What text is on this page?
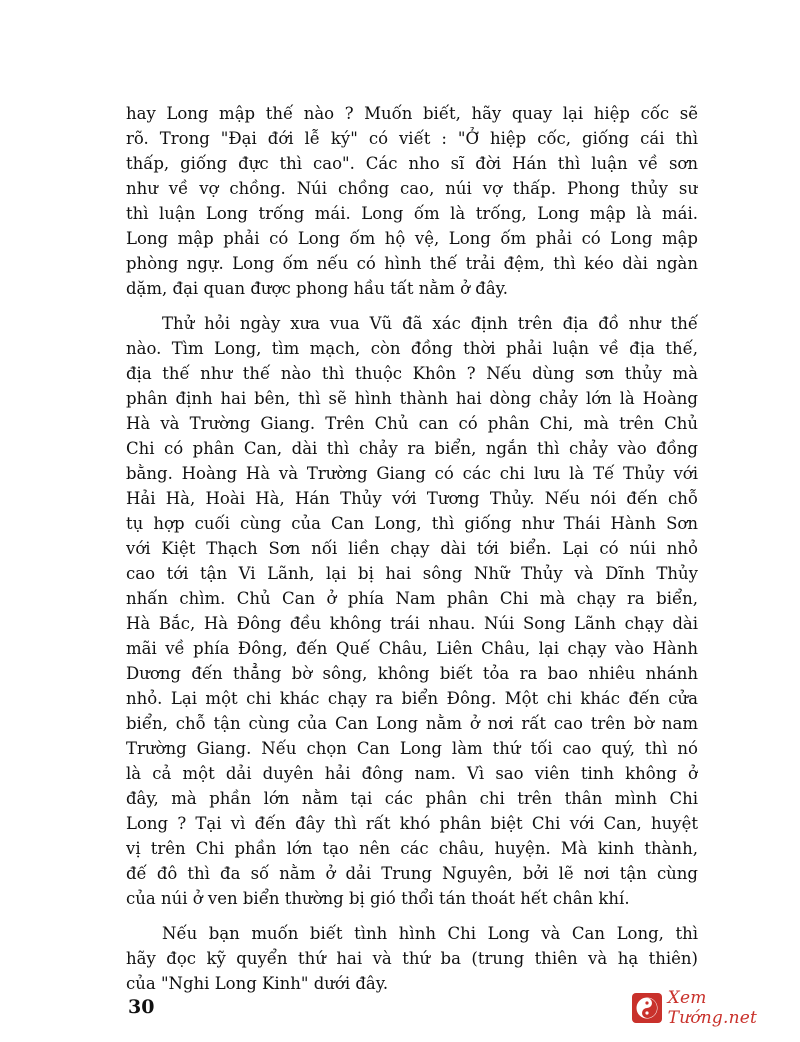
hay Long mập thế nào ? Muốn biết, hãy quay lại hiệp cốc sẽ
rõ. Trong "Đại đới lễ ký" có viết : "Ở hiệp cốc, giống cái thì
thấp, giống đực thì cao". Các nho sĩ đời Hán thì luận về sơn
như về vợ chồng. Núi chồng cao, núi vợ thấp. Phong thủy sư
thì luận Long trống mái. Long ốm là trống, Long mập là mái.
Long mập phải có Long ốm hộ vệ, Long ốm phải có Long mập
phòng ngự. Long ốm nếu có hình thế trải đệm, thì kéo dài ngàn
dặm, đại quan được phong hầu tất nằm ở đây.
Thử hỏi ngày xưa vua Vũ đã xác định trên địa đồ như thế
nào. Tìm Long, tìm mạch, còn đồng thời phải luận về địa thế,
địa thế như thế nào thì thuộc Khôn ? Nếu dùng sơn thủy mà
phân định hai bên, thì sẽ hình thành hai dòng chảy lớn là Hoàng
Hà và Trường Giang. Trên Chủ can có phân Chi, mà trên Chủ
Chi có phân Can, dài thì chảy ra biển, ngắn thì chảy vào đồng
bằng. Hoàng Hà và Trường Giang có các chi lưu là Tế Thủy với
Hải Hà, Hoài Hà, Hán Thủy với Tương Thủy. Nếu nói đến chỗ
tụ hợp cuối cùng của Can Long, thì giống như Thái Hành Sơn
với Kiệt Thạch Sơn nối liền chạy dài tới biển. Lại có núi nhỏ
cao tới tận Vi Lãnh, lại bị hai sông Nhữ Thủy và Dĩnh Thủy
nhấn chìm. Chủ Can ở phía Nam phân Chi mà chạy ra biển,
Hà Bắc, Hà Đông đều không trái nhau. Núi Song Lãnh chạy dài
mãi về phía Đông, đến Quế Châu, Liên Châu, lại chạy vào Hành
Dương đến thẳng bờ sông, không biết tỏa ra bao nhiêu nhánh
nhỏ. Lại một chi khác chạy ra biển Đông. Một chi khác đến cửa
biển, chỗ tận cùng của Can Long nằm ở nơi rất cao trên bờ nam
Trường Giang. Nếu chọn Can Long làm thứ tối cao quý, thì nó
là cả một dải duyên hải đông nam. Vì sao viên tinh không ở
đây, mà phần lớn nằm tại các phân chi trên thân mình Chi
Long ? Tại vì đến đây thì rất khó phân biệt Chi với Can, huyệt
vị trên Chi phần lớn tạo nên các châu, huyện. Mà kinh thành,
đế đô thì đa số nằm ở dải Trung Nguyên, bởi lẽ nơi tận cùng
của núi ở ven biển thường bị gió thổi tán thoát hết chân khí.
Nếu bạn muốn biết tình hình Chi Long và Can Long, thì
hãy đọc kỹ quyển thứ hai và thứ ba (trung thiên và hạ thiên)
của "Nghi Long Kinh" dưới đây.
30	Xem Tướng.net
